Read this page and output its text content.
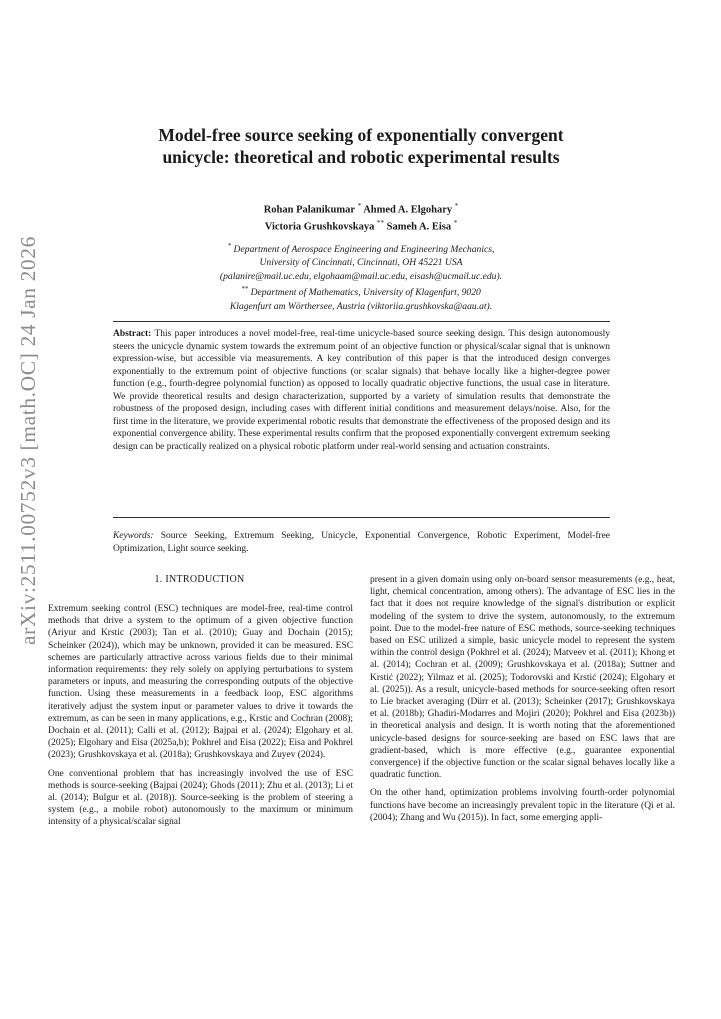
arXiv:2511.00752v3 [math.OC] 24 Jan 2026
Model-free source seeking of exponentially convergent unicycle: theoretical and robotic experimental results
Rohan Palanikumar * Ahmed A. Elgohary *
Victoria Grushkovskaya ** Sameh A. Eisa *
* Department of Aerospace Engineering and Engineering Mechanics,
University of Cincinnati, Cincinnati, OH 45221 USA
(palanire@mail.uc.edu, elgohaam@mail.uc.edu, eisash@ucmail.uc.edu).
** Department of Mathematics, University of Klagenfurt, 9020
Klagenfurt am Wörthersee, Austria (viktoriia.grushkovska@aau.at).

Abstract: This paper introduces a novel model-free, real-time unicycle-based source seeking design. This design autonomously steers the unicycle dynamic system towards the extremum point of an objective function or physical/scalar signal that is unknown expression-wise, but accessible via measurements. A key contribution of this paper is that the introduced design converges exponentially to the extremum point of objective functions (or scalar signals) that behave locally like a higher-degree power function (e.g., fourth-degree polynomial function) as opposed to locally quadratic objective functions, the usual case in literature. We provide theoretical results and design characterization, supported by a variety of simulation results that demonstrate the robustness of the proposed design, including cases with different initial conditions and measurement delays/noise. Also, for the first time in the literature, we provide experimental robotic results that demonstrate the effectiveness of the proposed design and its exponential convergence ability. These experimental results confirm that the proposed exponentially convergent extremum seeking design can be practically realized on a physical robotic platform under real-world sensing and actuation constraints.

Keywords: Source Seeking, Extremum Seeking, Unicycle, Exponential Convergence, Robotic Experiment, Model-free Optimization, Light source seeking.

1. INTRODUCTION

Extremum seeking control (ESC) techniques are model-free, real-time control methods that drive a system to the optimum of a given objective function (Ariyur and Krstic (2003); Tan et al. (2010); Guay and Dochain (2015); Scheinker (2024)), which may be unknown, provided it can be measured. ESC schemes are particularly attractive across various fields due to their minimal information requirements: they rely solely on applying perturbations to system parameters or inputs, and measuring the corresponding outputs of the objective function. Using these measurements in a feedback loop, ESC algorithms iteratively adjust the system input or parameter values to drive it towards the extremum, as can be seen in many applications, e.g., Krstic and Cochran (2008); Dochain et al. (2011); Calli et al. (2012); Bajpai et al. (2024); Elgohary et al. (2025); Elgohary and Eisa (2025a,b); Pokhrel and Eisa (2022); Eisa and Pokhrel (2023); Grushkovskaya et al. (2018a); Grushkovskaya and Zuyev (2024).

One conventional problem that has increasingly involved the use of ESC methods is source-seeking (Bajpai (2024); Ghods (2011); Zhu et al. (2013); Li et al. (2014); Bulgur et al. (2018)). Source-seeking is the problem of steering a system (e.g., a mobile robot) autonomously to the maximum or minimum intensity of a physical/scalar signal

present in a given domain using only on-board sensor measurements (e.g., heat, light, chemical concentration, among others). The advantage of ESC lies in the fact that it does not require knowledge of the signal's distribution or explicit modeling of the system to drive the system, autonomously, to the extremum point. Due to the model-free nature of ESC methods, source-seeking techniques based on ESC utilized a simple, basic unicycle model to represent the system within the control design (Pokhrel et al. (2024); Matveev et al. (2011); Khong et al. (2014); Cochran et al. (2009); Grushkovskaya et al. (2018a); Suttner and Krstić (2022); Yilmaz et al. (2025); Todorovski and Krstić (2024); Elgohary et al. (2025)). As a result, unicycle-based methods for source-seeking often resort to Lie bracket averaging (Dürr et al. (2013); Scheinker (2017); Grushkovskaya et al. (2018b); Ghadiri-Modarres and Mojiri (2020); Pokhrel and Eisa (2023b)) in theoretical analysis and design. It is worth noting that the aforementioned unicycle-based designs for source-seeking are based on ESC laws that are gradient-based, which is more effective (e.g., guarantee exponential convergence) if the objective function or the scalar signal behaves locally like a quadratic function.

On the other hand, optimization problems involving fourth-order polynomial functions have become an increasingly prevalent topic in the literature (Qi et al. (2004); Zhang and Wu (2015)). In fact, some emerging appli-
